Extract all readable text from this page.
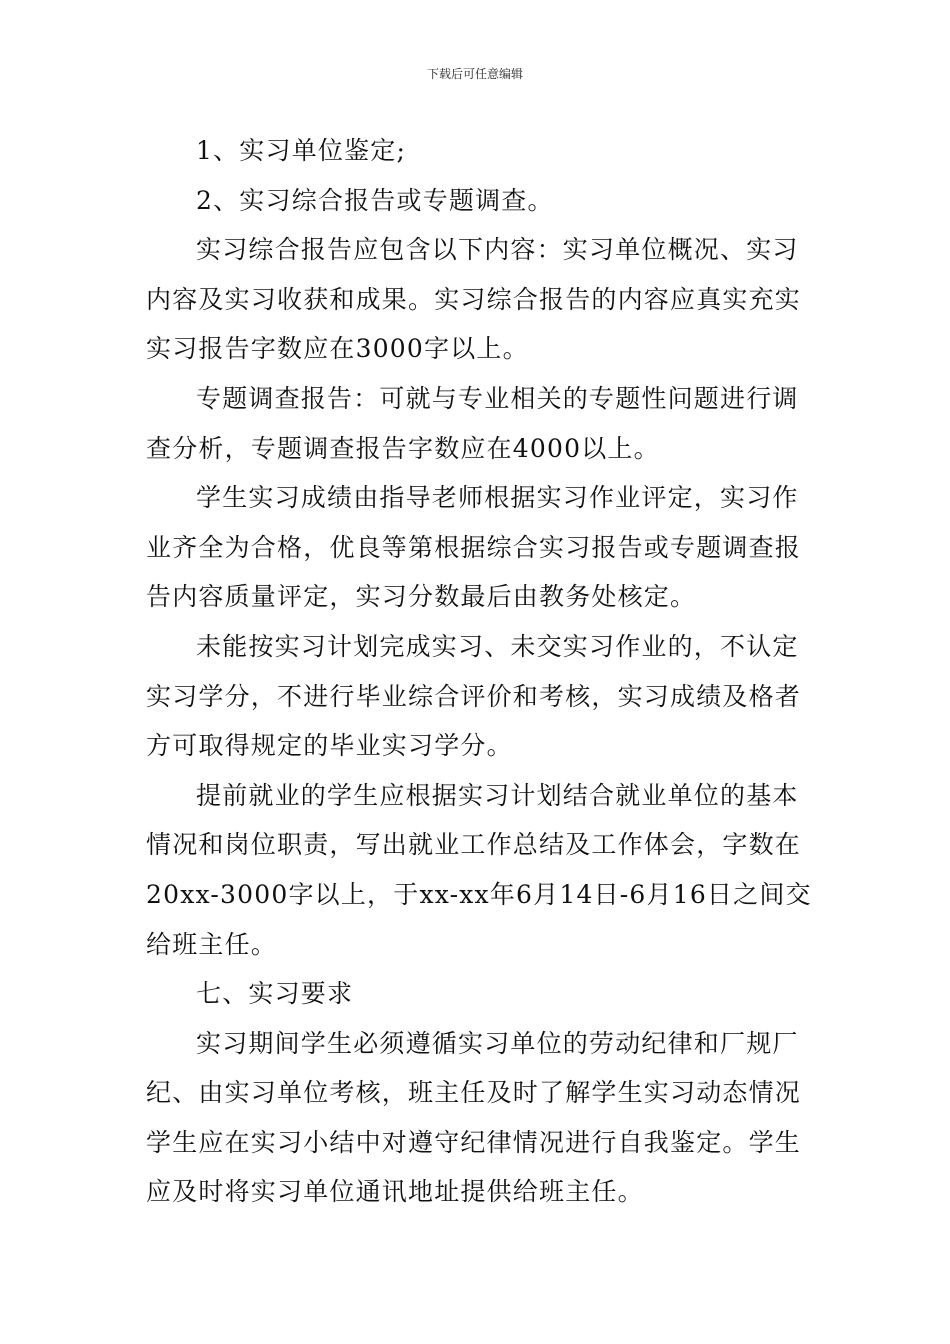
下载后可任意编辑

1、实习单位鉴定;

2、实习综合报告或专题调查。

实习综合报告应包含以下内容：实习单位概况、实习
内容及实习收获和成果。实习综合报告的内容应真实充实
实习报告字数应在3000字以上。

专题调查报告：可就与专业相关的专题性问题进行调
查分析，专题调查报告字数应在4000以上。

学生实习成绩由指导老师根据实习作业评定，实习作
业齐全为合格，优良等第根据综合实习报告或专题调查报
告内容质量评定，实习分数最后由教务处核定。

未能按实习计划完成实习、未交实习作业的，不认定
实习学分，不进行毕业综合评价和考核，实习成绩及格者
方可取得规定的毕业实习学分。

提前就业的学生应根据实习计划结合就业单位的基本
情况和岗位职责，写出就业工作总结及工作体会，字数在
20xx-3000字以上，于xx-xx年6月14日-6月16日之间交
给班主任。

七、实习要求

实习期间学生必须遵循实习单位的劳动纪律和厂规厂
纪、由实习单位考核，班主任及时了解学生实习动态情况
学生应在实习小结中对遵守纪律情况进行自我鉴定。学生
应及时将实习单位通讯地址提供给班主任。
